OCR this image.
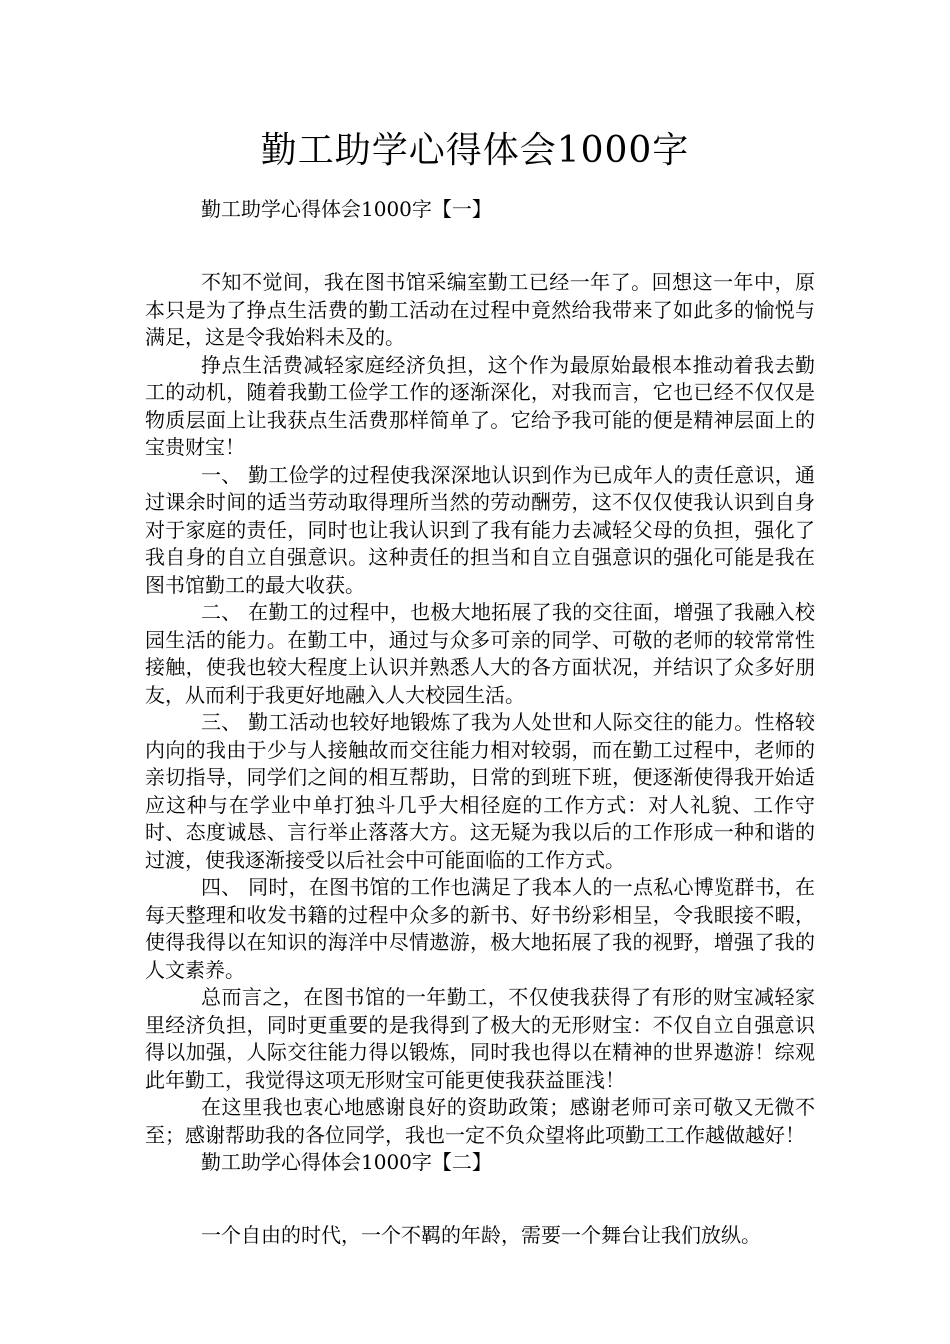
勤工助学心得体会1000字

勤工助学心得体会1000字【一】

不知不觉间，我在图书馆采编室勤工已经一年了。回想这一年中，原本只是为了挣点生活费的勤工活动在过程中竟然给我带来了如此多的愉悦与满足，这是令我始料未及的。

挣点生活费减轻家庭经济负担，这个作为最原始最根本推动着我去勤工的动机，随着我勤工俭学工作的逐渐深化，对我而言，它也已经不仅仅是物质层面上让我获点生活费那样简单了。它给予我可能的便是精神层面上的宝贵财宝！

一、 勤工俭学的过程使我深深地认识到作为已成年人的责任意识，通过课余时间的适当劳动取得理所当然的劳动酬劳，这不仅仅使我认识到自身对于家庭的责任，同时也让我认识到了我有能力去减轻父母的负担，强化了我自身的自立自强意识。这种责任的担当和自立自强意识的强化可能是我在图书馆勤工的最大收获。

二、 在勤工的过程中，也极大地拓展了我的交往面，增强了我融入校园生活的能力。在勤工中，通过与众多可亲的同学、可敬的老师的较常常性接触，使我也较大程度上认识并熟悉人大的各方面状况，并结识了众多好朋友，从而利于我更好地融入人大校园生活。

三、 勤工活动也较好地锻炼了我为人处世和人际交往的能力。性格较内向的我由于少与人接触故而交往能力相对较弱，而在勤工过程中，老师的亲切指导，同学们之间的相互帮助，日常的到班下班，便逐渐使得我开始适应这种与在学业中单打独斗几乎大相径庭的工作方式：对人礼貌、工作守时、态度诚恳、言行举止落落大方。这无疑为我以后的工作形成一种和谐的过渡，使我逐渐接受以后社会中可能面临的工作方式。

四、 同时，在图书馆的工作也满足了我本人的一点私心博览群书，在每天整理和收发书籍的过程中众多的新书、好书纷彩相呈，令我眼接不暇，使得我得以在知识的海洋中尽情遨游，极大地拓展了我的视野，增强了我的人文素养。

总而言之，在图书馆的一年勤工，不仅使我获得了有形的财宝减轻家里经济负担，同时更重要的是我得到了极大的无形财宝：不仅自立自强意识得以加强，人际交往能力得以锻炼，同时我也得以在精神的世界遨游！综观此年勤工，我觉得这项无形财宝可能更使我获益匪浅！

在这里我也衷心地感谢良好的资助政策；感谢老师可亲可敬又无微不至；感谢帮助我的各位同学，我也一定不负众望将此项勤工工作越做越好！

勤工助学心得体会1000字【二】

一个自由的时代，一个不羁的年龄，需要一个舞台让我们放纵。
